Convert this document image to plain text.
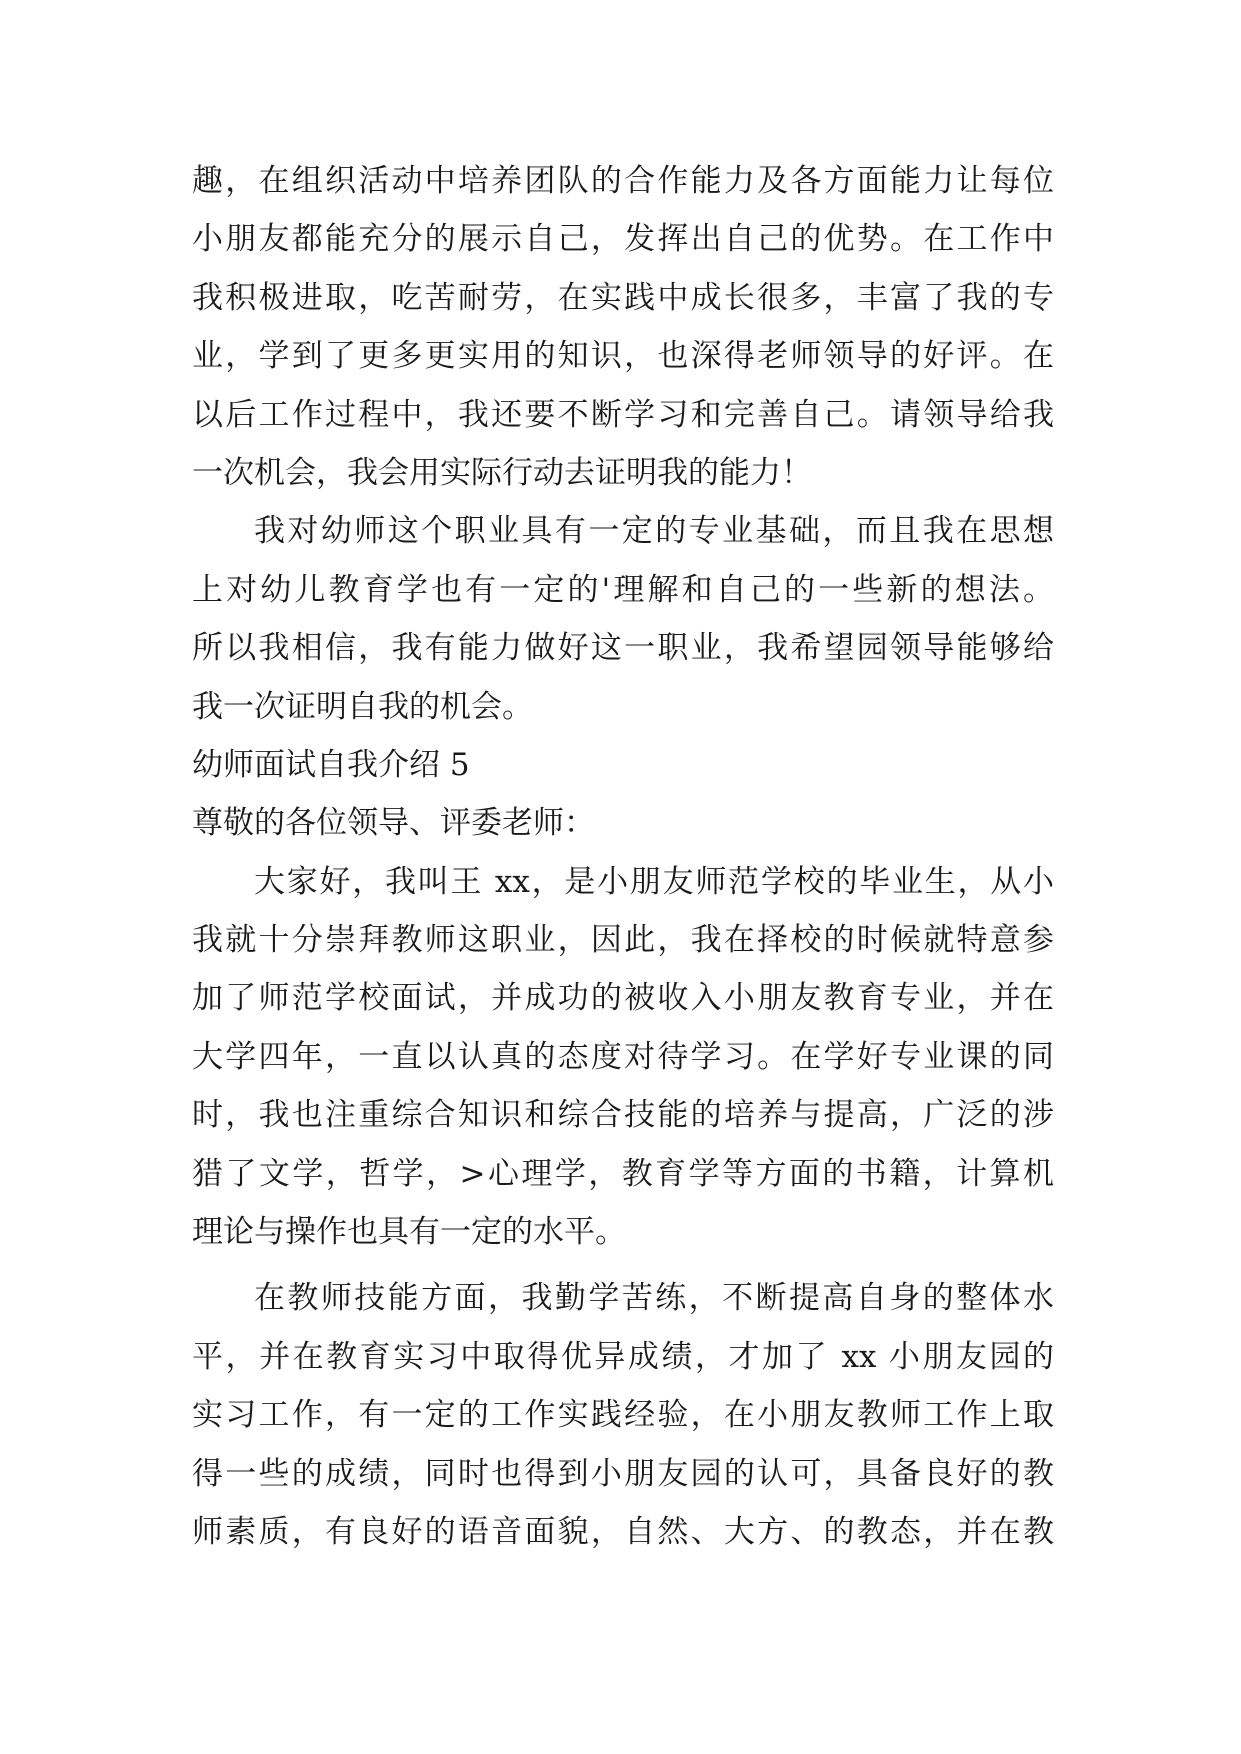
趣，在组织活动中培养团队的合作能力及各方面能力让每位
小朋友都能充分的展示自己，发挥出自己的优势。在工作中
我积极进取，吃苦耐劳，在实践中成长很多，丰富了我的专
业，学到了更多更实用的知识，也深得老师领导的好评。在
以后工作过程中，我还要不断学习和完善自己。请领导给我
一次机会，我会用实际行动去证明我的能力！
我对幼师这个职业具有一定的专业基础，而且我在思想
上对幼儿教育学也有一定的'理解和自己的一些新的想法。
所以我相信，我有能力做好这一职业，我希望园领导能够给
我一次证明自我的机会。
幼师面试自我介绍 5
尊敬的各位领导、评委老师：
大家好，我叫王 xx，是小朋友师范学校的毕业生，从小
我就十分崇拜教师这职业，因此，我在择校的时候就特意参
加了师范学校面试，并成功的被收入小朋友教育专业，并在
大学四年，一直以认真的态度对待学习。在学好专业课的同
时，我也注重综合知识和综合技能的培养与提高，广泛的涉
猎了文学，哲学，>心理学，教育学等方面的书籍，计算机
理论与操作也具有一定的水平。
在教师技能方面，我勤学苦练，不断提高自身的整体水
平，并在教育实习中取得优异成绩，才加了 xx 小朋友园的
实习工作，有一定的工作实践经验，在小朋友教师工作上取
得一些的成绩，同时也得到小朋友园的认可，具备良好的教
师素质，有良好的语音面貌，自然、大方、的教态，并在教
